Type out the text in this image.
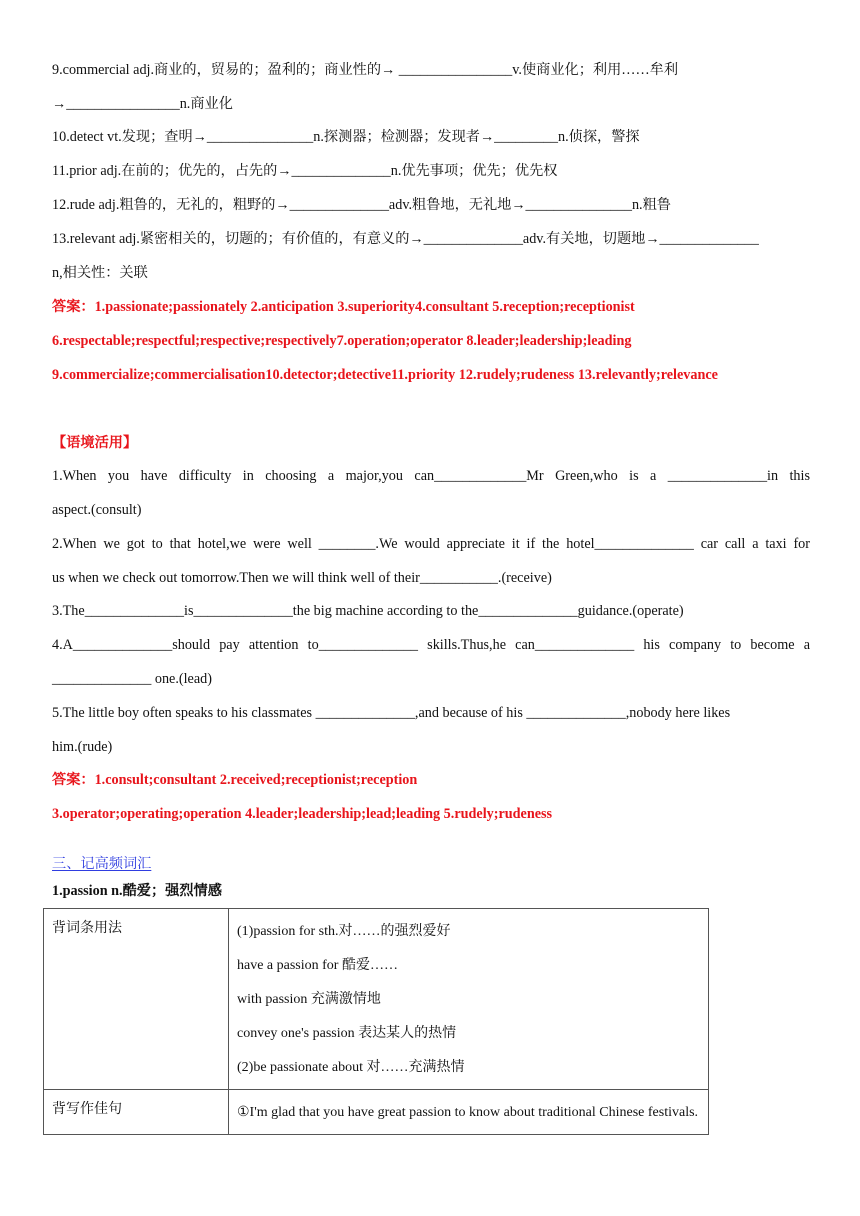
9.commercial adj.商业的，贸易的；盈利的；商业性的→ ________________v.使商业化；利用……牟利
→________________n.商业化
10.detect vt.发现；查明→_______________n.探测器；检测器；发现者→_________n.侦探，警探
11.prior adj.在前的；优先的，占先的→______________n.优先事项；优先；优先权
12.rude adj.粗鲁的，无礼的，粗野的→______________adv.粗鲁地，无礼地→_______________n.粗鲁
13.relevant adj.紧密相关的，切题的；有价值的，有意义的→______________adv.有关地，切题地→______________
n,相关性：关联
答案：1.passionate;passionately 2.anticipation 3.superiority4.consultant 5.reception;receptionist
6.respectable;respectful;respective;respectively7.operation;operator 8.leader;leadership;leading
9.commercialize;commercialisation10.detector;detective11.priority 12.rudely;rudeness 13.relevantly;relevance
【语境活用】
1.When you have difficulty in choosing a major,you can_____________Mr Green,who is a ______________in this
aspect.(consult)
2.When we got to that hotel,we were well ________.We would appreciate it if the hotel______________ car call a taxi for
us when we check out tomorrow.Then we will think well of their___________.(receive)
3.The______________is______________the big machine according to the______________guidance.(operate)
4.A______________should pay attention to______________ skills.Thus,he can______________ his company to become a
______________ one.(lead)
5.The little boy often speaks to his classmates ______________,and because of his ______________,nobody here likes
him.(rude)
答案：1.consult;consultant 2.received;receptionist;reception
3.operator;operating;operation 4.leader;leadership;lead;leading 5.rudely;rudeness
三、记高频词汇
1.passion n.酷爱；强烈情感
背词条用法	(1)passion for sth.对……的强烈爱好
have a passion for 酷爱……
with passion 充满激情地
convey one's passion 表达某人的热情
(2)be passionate about 对……充满热情

背写作佳句	①I'm glad that you have great passion to know about traditional Chinese festivals.
